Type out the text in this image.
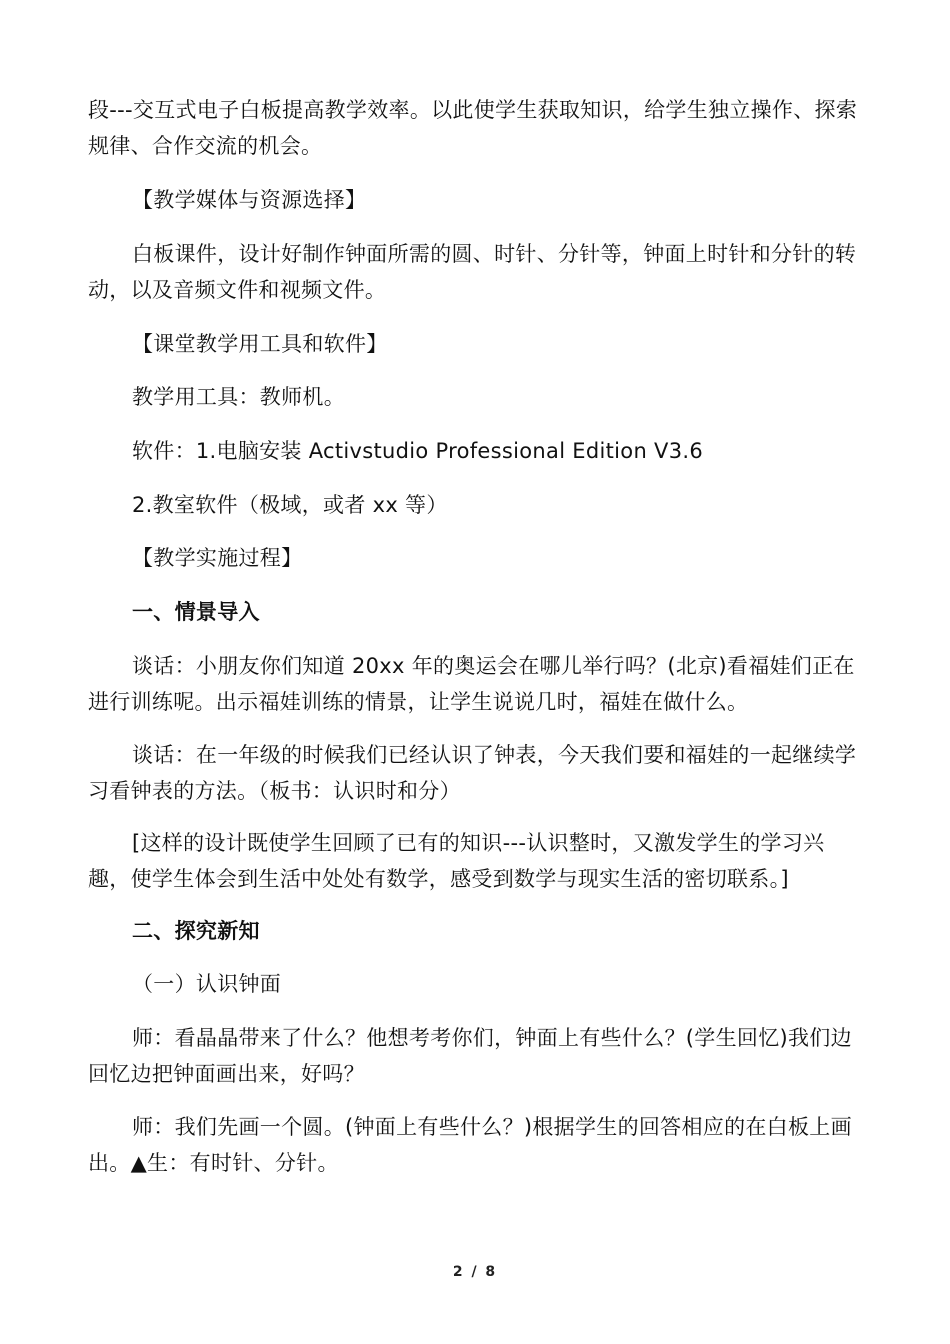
段---交互式电子白板提高教学效率。以此使学生获取知识，给学生独立操作、探索规律、合作交流的机会。

【教学媒体与资源选择】

白板课件，设计好制作钟面所需的圆、时针、分针等，钟面上时针和分针的转动，以及音频文件和视频文件。

【课堂教学用工具和软件】

教学用工具：教师机。

软件：1.电脑安装 Activstudio Professional Edition V3.6

2.教室软件（极域，或者 xx 等）

【教学实施过程】

一、情景导入

谈话：小朋友你们知道 20xx 年的奥运会在哪儿举行吗？(北京)看福娃们正在进行训练呢。出示福娃训练的情景，让学生说说几时，福娃在做什么。

谈话：在一年级的时候我们已经认识了钟表，今天我们要和福娃的一起继续学习看钟表的方法。（板书：认识时和分）

[这样的设计既使学生回顾了已有的知识---认识整时，又激发学生的学习兴趣，使学生体会到生活中处处有数学，感受到数学与现实生活的密切联系。]

二、探究新知

（一）认识钟面

师：看晶晶带来了什么？他想考考你们，钟面上有些什么？(学生回忆)我们边回忆边把钟面画出来，好吗？

师：我们先画一个圆。(钟面上有些什么？)根据学生的回答相应的在白板上画出。▲生：有时针、分针。

2 / 8
